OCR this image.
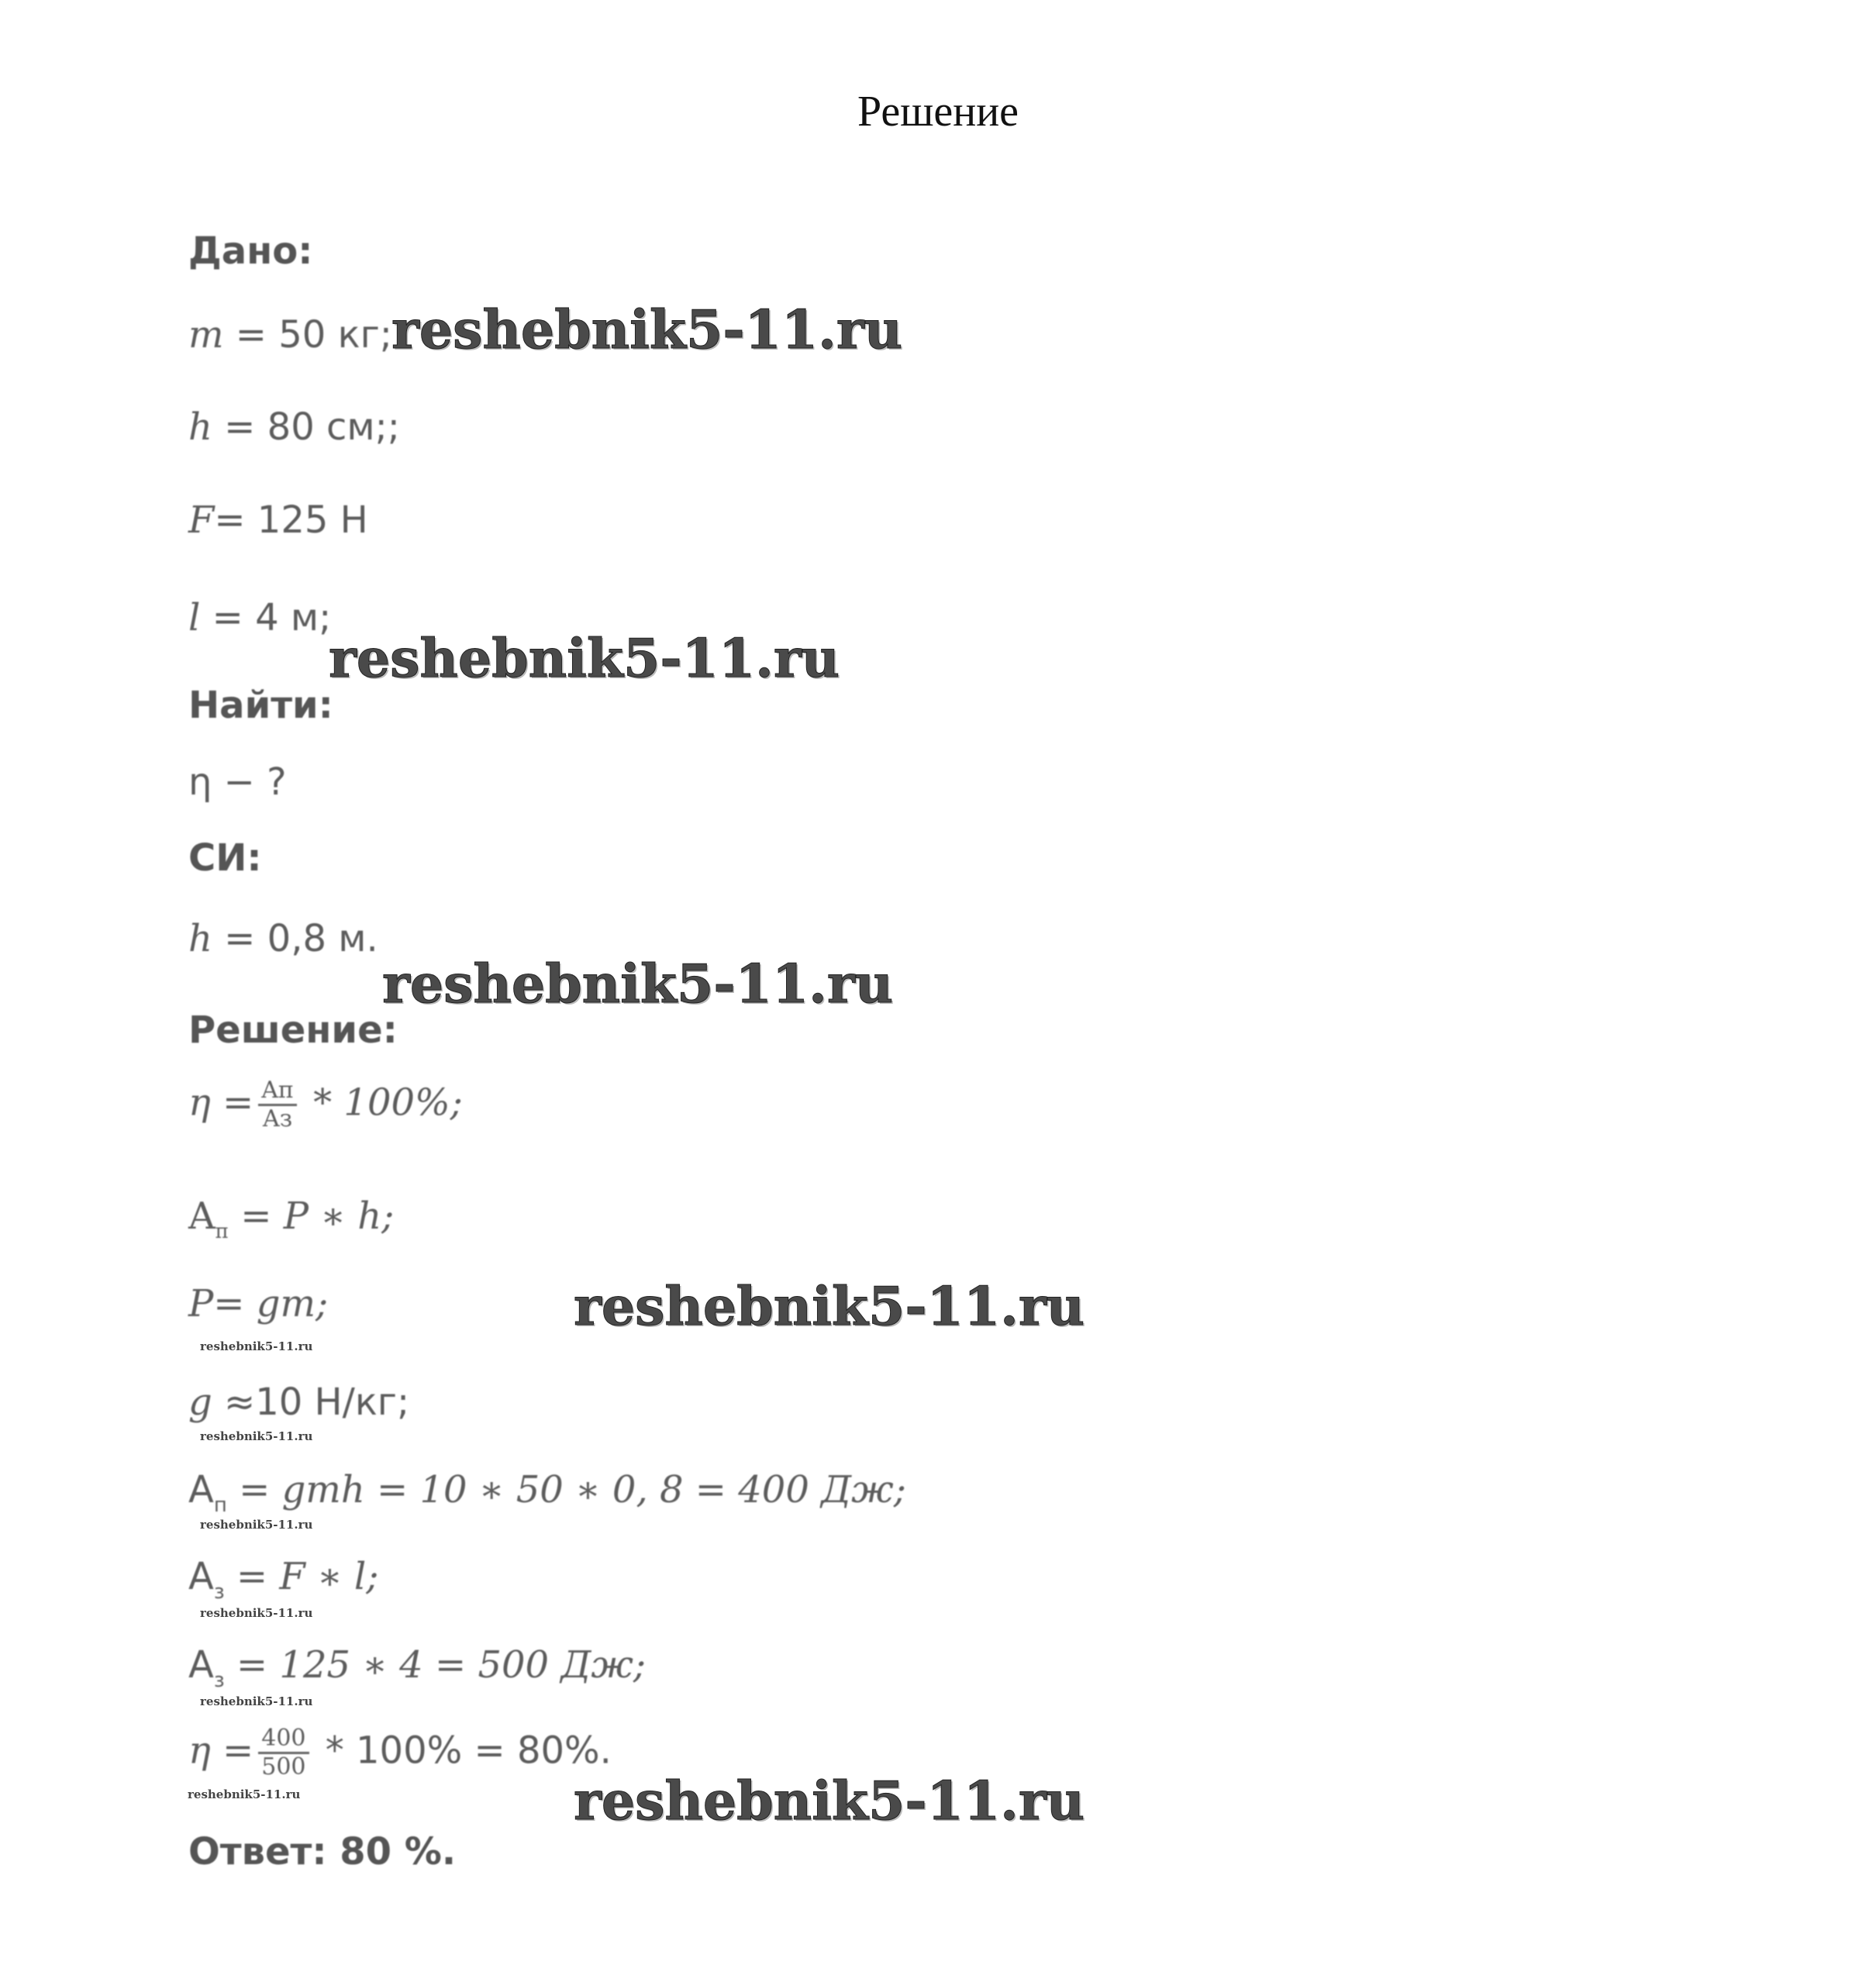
Решение
Дано:
m = 50 кг;
h = 80 см;;
F= 125 Н
l = 4 м;
Найти:
η − ?
СИ:
h = 0,8 м.
Решение:
$\eta = \frac{Aп}{Aз} * 100\%$;
$A_п = P$ ∗ h;
P= gm;
g ≈10 Н/кг;
$A_п$ = gmh = 10 ∗ 50 ∗ 0, 8 = 400 Дж;
$A_з = F$ ∗ l;
$A_з = 125$ ∗ 4 = 500 Дж;
$\eta = \frac{400}{500} * 100\% = 80\%$.
Ответ: 80 %.
reshebnik5-11.ru
reshebnik5-11.ru
reshebnik5-11.ru
reshebnik5-11.ru
reshebnik5-11.ru
reshebnik5-11.ru
reshebnik5-11.ru
reshebnik5-11.ru
reshebnik5-11.ru
reshebnik5-11.ru
reshebnik5-11.ru
